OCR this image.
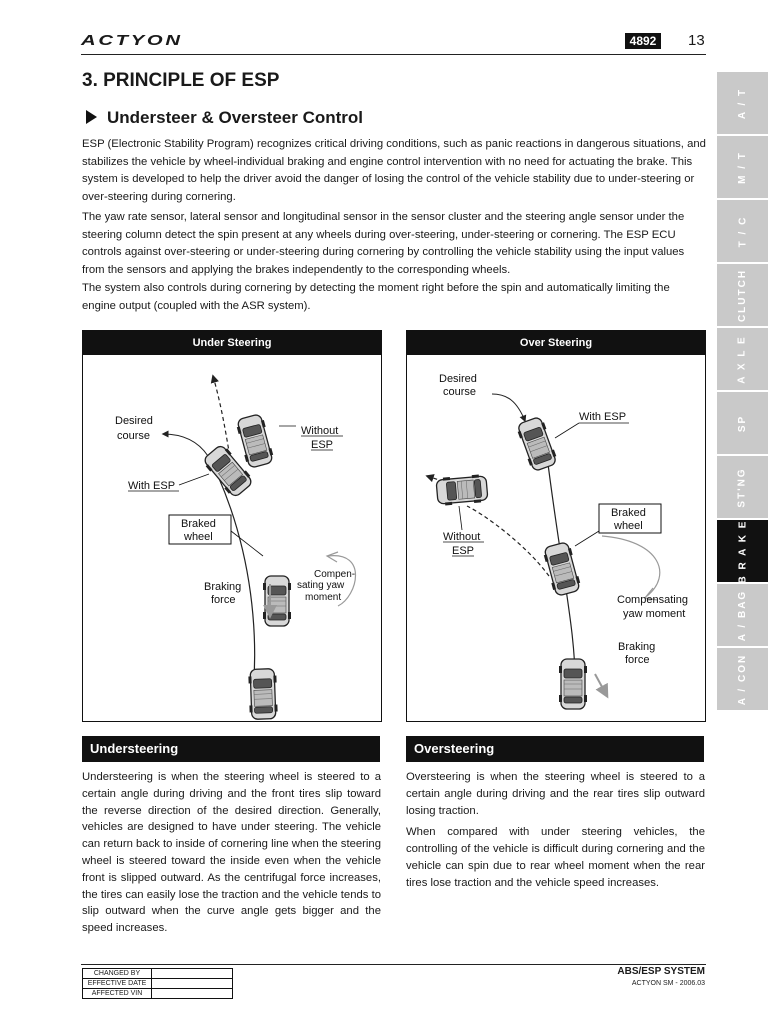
ACTYON	4892	13
3. PRINCIPLE OF ESP
Understeer & Oversteer Control
ESP (Electronic Stability Program) recognizes critical driving conditions, such as panic reactions in dangerous situations, and stabilizes the vehicle by wheel-individual braking and engine control intervention with no need for actuating the brake. This system is developed to help the driver avoid the danger of losing the control of the vehicle stability due to under-steering or over-steering during cornering.
The yaw rate sensor, lateral sensor and longitudinal sensor in the sensor cluster and the steering angle sensor under the steering column detect the spin present at any wheels during over-steering, under-steering or cornering. The ESP ECU controls against over-steering or under-steering during cornering by controlling the vehicle stability using the input values from the sensors and applying the brakes independently to the corresponding wheels.
The system also controls during cornering by detecting the moment right before the spin and automatically limiting the engine output (coupled with the ASR system).
Under Steering
Desired
course	Without
ESP
With ESP
Braked
wheel
Braking
force
Compen-
sating yaw
moment
Over Steering
Desired
course
With ESP
Without
ESP
Braked
wheel
Compensating
yaw moment
Braking
force
Understeering	Oversteering

Understeering is when the steering wheel is steered to a certain angle during driving and the front tires slip toward the reverse direction of the desired direction. Generally, vehicles are designed to have under steering. The vehicle can return back to inside of cornering line when the steering wheel is steered toward the inside even when the vehicle front is slipped outward. As the centrifugal force increases, the tires can easily lose the traction and the vehicle tends to slip outward when the curve angle gets bigger and the speed increases.

Oversteering is when the steering wheel is steered to a certain angle during driving and the rear tires slip outward losing traction.

When compared with under steering vehicles, the controlling of the vehicle is difficult during cornering and the vehicle can spin due to rear wheel moment when the rear tires lose traction and the vehicle speed increases.

A / T
M / T
T / C
CLUTCH
A X L E
SP
ST'NG
B R A K E
A / BAG
A / CON
CHANGED BY	
EFFECTIVE DATE	
AFFECTED VIN	
ABS/ESP SYSTEM
ACTYON SM - 2006.03
